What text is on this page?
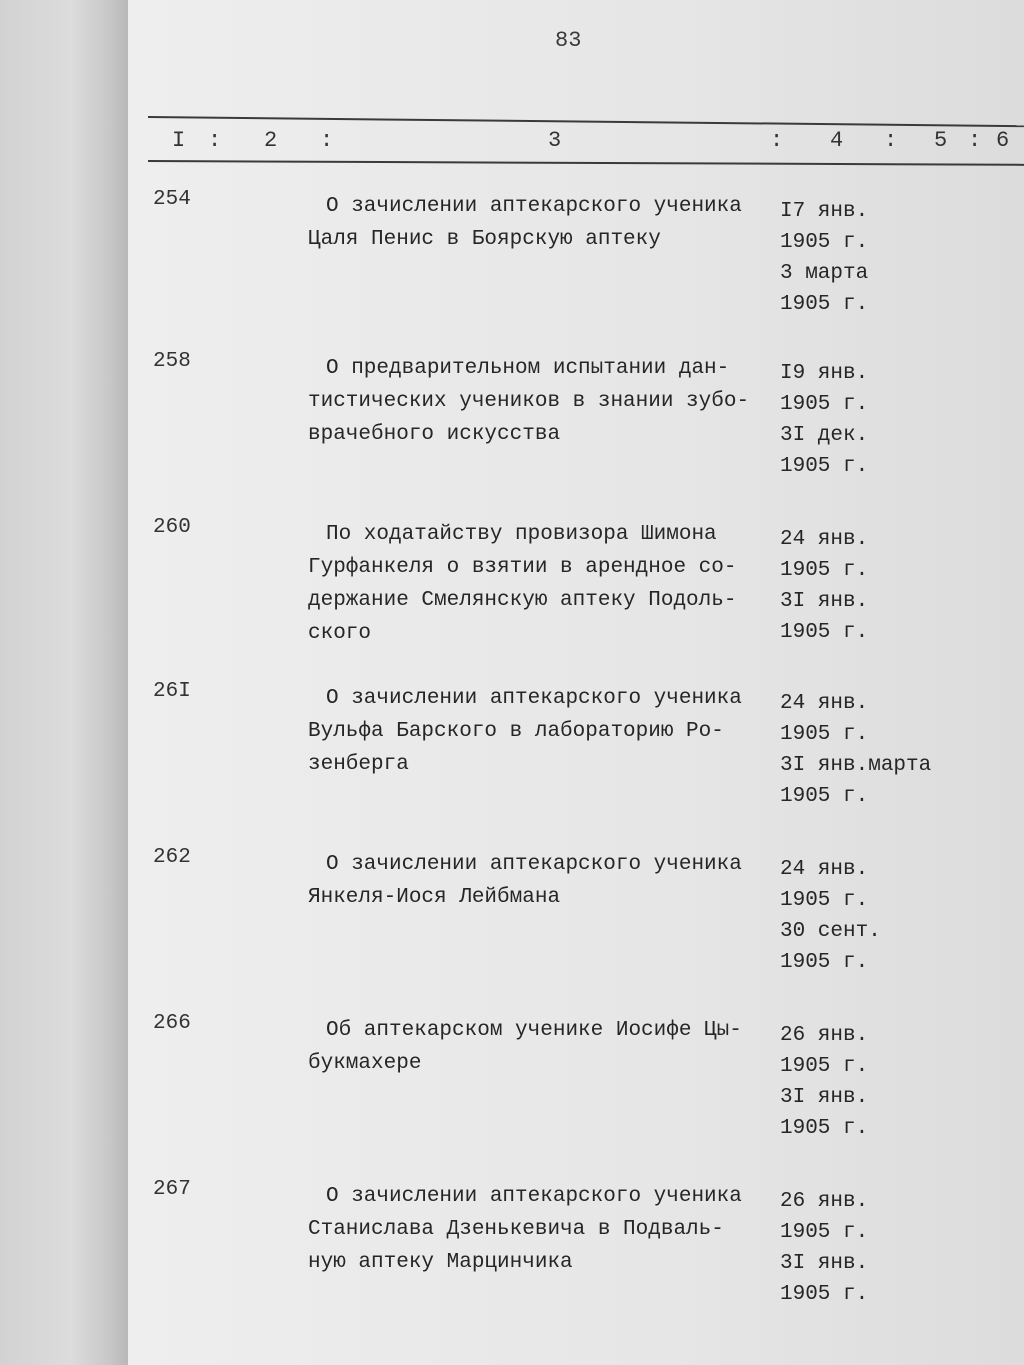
83
I : 2 :	3	: 4 : 5 : 6
254	О зачислении аптекарского ученика
Цаля Пенис в Боярскую аптеку
I7 янв.
1905 г.
3 марта
1905 г.
258	О предварительном испытании дан-
тистических учеников в знании зубо-
врачебного искусства
I9 янв.
1905 г.
3I дек.
1905 г.
260	По ходатайству провизора Шимона
Гурфанкеля о взятии в арендное со-
держание Смелянскую аптеку Подоль-
ского
24 янв.
1905 г.
3I янв.
1905 г.
26I	О зачислении аптекарского ученика
Вульфа Барского в лабораторию Ро-
зенберга
24 янв.
1905 г.
3I янв.марта
1905 г.
262	О зачислении аптекарского ученика
Янкеля-Иося Лейбмана
24 янв.
1905 г.
30 сент.
1905 г.
266	Об аптекарском ученике Иосифе Цы-
букмахере
26 янв.
1905 г.
3I янв.
1905 г.
267	О зачислении аптекарского ученика
Станислава Дзенькевича в Подваль-
ную аптеку Марцинчика
26 янв.
1905 г.
3I янв.
1905 г.
